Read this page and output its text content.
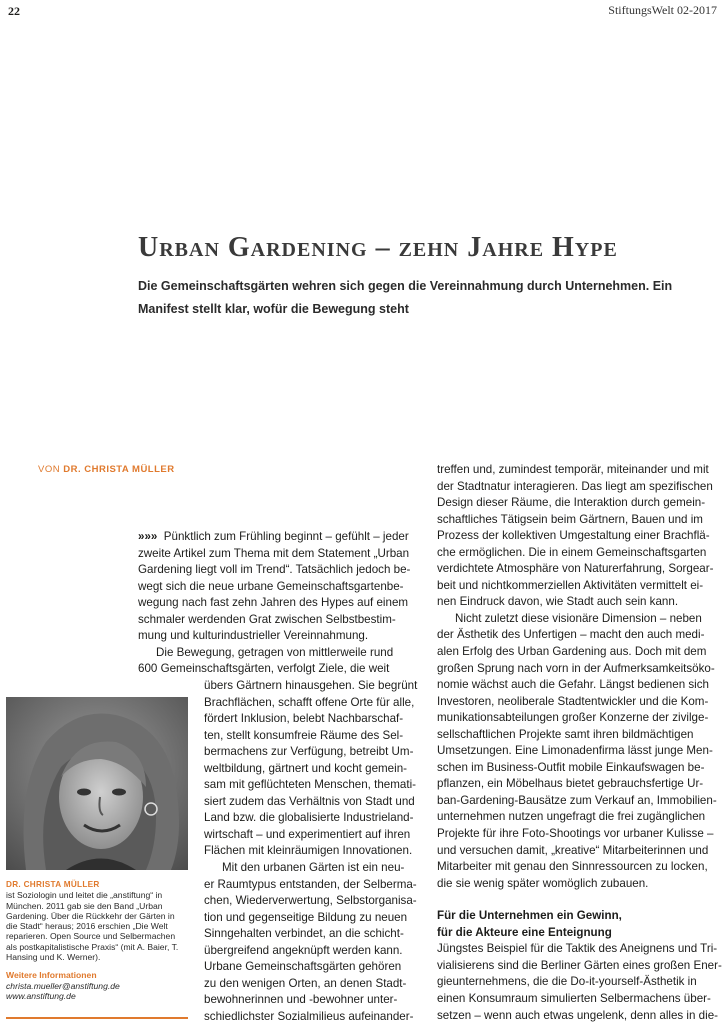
22	StiftungsWelt 02-2017
Urban Gardening – zehn Jahre Hype

Die Gemeinschaftsgärten wehren sich gegen die Vereinnahmung durch Unternehmen. Ein Manifest stellt klar, wofür die Bewegung steht

VON DR. CHRISTA MÜLLER
»»» Pünktlich zum Frühling beginnt – gefühlt – jeder
zweite Artikel zum Thema mit dem Statement „Urban
Gardening liegt voll im Trend“. Tatsächlich jedoch be-
wegt sich die neue urbane Gemeinschaftsgartenbe-
wegung nach fast zehn Jahren des Hypes auf einem
schmaler werdenden Grat zwischen Selbstbestim-
mung und kulturindustrieller Vereinnahmung.
Die Bewegung, getragen von mittlerweile rund
600 Gemeinschaftsgärten, verfolgt Ziele, die weit
übers Gärtnern hinausgehen. Sie begrünt
Brachflächen, schafft offene Orte für alle,
fördert Inklusion, belebt Nachbarschaf-
ten, stellt konsumfreie Räume des Sel-
bermachens zur Verfügung, betreibt Um-
weltbildung, gärtnert und kocht gemein-
sam mit geflüchteten Menschen, themati-
siert zudem das Verhältnis von Stadt und
Land bzw. die globalisierte Industrieland-
wirtschaft – und experimentiert auf ihren
Flächen mit kleinräumigen Innovationen.
Mit den urbanen Gärten ist ein neu-
er Raumtypus entstanden, der Selberma-
chen, Wiederverwertung, Selbstorganisa-
tion und gegenseitige Bildung zu neuen
Sinngehalten verbindet, an die schicht-
übergreifend angeknüpft werden kann.
Urbane Gemeinschaftsgärten gehören
zu den wenigen Orten, an denen Stadt-
bewohnerinnen und -bewohner unter-
schiedlichster Sozialmilieus aufeinander-
treffen und, zumindest temporär, miteinander und mit
der Stadtnatur interagieren. Das liegt am spezifischen
Design dieser Räume, die Interaktion durch gemein-
schaftliches Tätigsein beim Gärtnern, Bauen und im
Prozess der kollektiven Umgestaltung einer Brachflä-
che ermöglichen. Die in einem Gemeinschaftsgarten
verdichtete Atmosphäre von Naturerfahrung, Sorgear-
beit und nichtkommerziellen Aktivitäten vermittelt ei-
nen Eindruck davon, wie Stadt auch sein kann.
Nicht zuletzt diese visionäre Dimension – neben
der Ästhetik des Unfertigen – macht den auch medi-
alen Erfolg des Urban Gardening aus. Doch mit dem
großen Sprung nach vorn in der Aufmerksamkeitsöko-
nomie wächst auch die Gefahr. Längst bedienen sich
Investoren, neoliberale Stadtentwickler und die Kom-
munikationsabteilungen großer Konzerne der zivilge-
sellschaftlichen Projekte samt ihren bildmächtigen
Umsetzungen. Eine Limonadenfirma lässt junge Men-
schen im Business-Outfit mobile Einkaufswagen be-
pflanzen, ein Möbelhaus bietet gebrauchsfertige Ur-
ban-Gardening-Bausätze zum Verkauf an, Immobilien-
unternehmen nutzen ungefragt die frei zugänglichen
Projekte für ihre Foto-Shootings vor urbaner Kulisse –
und versuchen damit, „kreative“ Mitarbeiterinnen und
Mitarbeiter mit genau den Sinnressourcen zu locken,
die sie wenig später womöglich zubauen.
Für die Unternehmen ein Gewinn,
für die Akteure eine Enteignung
Jüngstes Beispiel für die Taktik des Aneignens und Tri-
vialisierens sind die Berliner Gärten eines großen Ener-
gieunternehmens, die die Do-it-yourself-Ästhetik in
einen Konsumraum simulierten Selbermachens über-
setzen – wenn auch etwas ungelenk, denn alles in die-
DR. CHRISTA MÜLLER
ist Soziologin und leitet die „anstiftung“ in München. 2011 gab sie den Band „Urban Gardening. Über die Rückkehr der Gärten in die Stadt“ heraus; 2016 erschien „Die Welt reparieren. Open Source und Selbermachen als postkapitalistische Praxis“ (mit A. Baier, T. Hansing und K. Werner).
Weitere Informationen
christa.mueller@anstiftung.de
www.anstiftung.de
